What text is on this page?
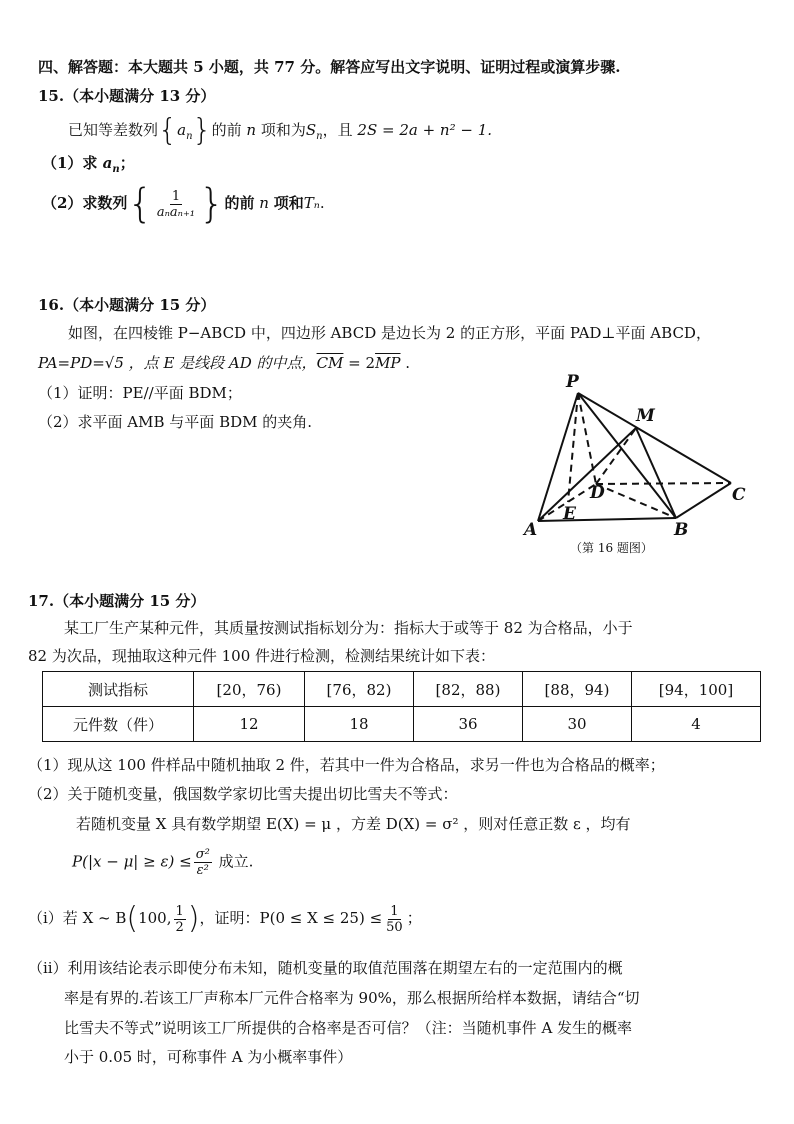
四、解答题：本大题共 5 小题，共 77 分。解答应写出文字说明、证明过程或演算步骤.
15.（本小题满分 13 分）
已知等差数列$\{a_n\}$的前 n 项和为$S_n$，且 2S = 2a + n² − 1.
（1）求 $a_n$；
（2）求数列{ $\frac{1}{\text{aₙaₙ₊₁}}$ }的前 n 项和Tₙ.
16.（本小题满分 15 分）
如图，在四棱锥 P−ABCD 中，四边形 ABCD 是边长为 2 的正方形，平面 PAD⊥平面 ABCD，
PA=PD=√5 ，点 E 是线段 AD 的中点，$\overline{CM} = 2\overline{MP}$ .
（1）证明：PE//平面 BDM；
（2）求平面 AMB 与平面 BDM 的夹角.
P
M
D	C
E
A	B
（第 16 题图）
17.（本小题满分 15 分）
某工厂生产某种元件，其质量按测试指标划分为：指标大于或等于 82 为合格品，小于
82 为次品，现抽取这种元件 100 件进行检测，检测结果统计如下表：
测试指标	[20，76)	[76，82)	[82，88)	[88，94)	[94，100]
元件数（件）	12	18	36	30	4
（1）现从这 100 件样品中随机抽取 2 件，若其中一件为合格品，求另一件也为合格品的概率；
（2）关于随机变量，俄国数学家切比雪夫提出切比雪夫不等式：
若随机变量 X 具有数学期望 E(X) = μ ，方差 D(X) = σ² ，则对任意正数 ε ，均有
$P(|x - \mu| \ge \varepsilon) \le \frac{\text{σ²}}{\text{ε²}}$ 成立.
（i）若 X ~ B(100, $\frac{1}{2}$ )，证明：$P(0 \le X \le 25) \le \frac{1}{50}$ ；
（ii）利用该结论表示即使分布未知，随机变量的取值范围落在期望左右的一定范围内的概
率是有界的.若该工厂声称本厂元件合格率为 90%，那么根据所给样本数据，请结合“切
比雪夫不等式”说明该工厂所提供的合格率是否可信？（注：当随机事件 A 发生的概率
小于 0.05 时，可称事件 A 为小概率事件）
